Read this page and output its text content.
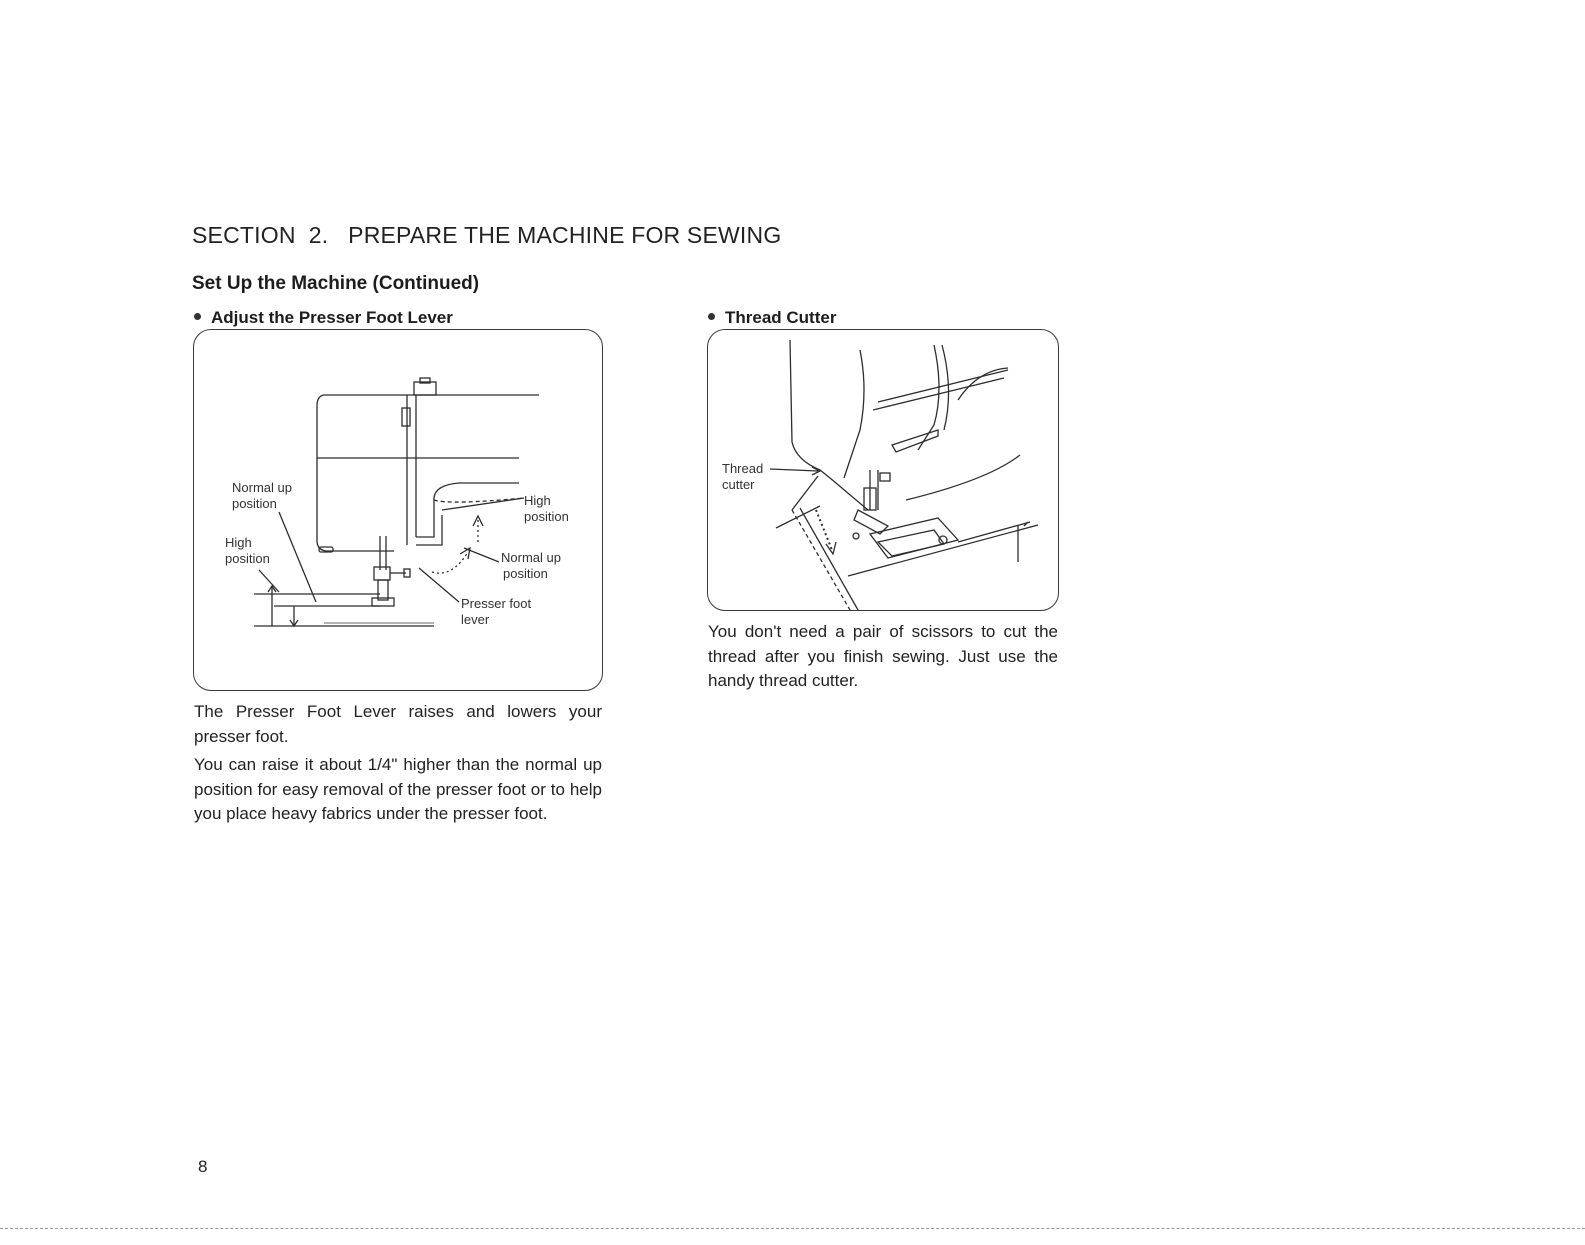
SECTION  2.   PREPARE THE MACHINE FOR SEWING
Set Up the Machine (Continued)
Adjust the Presser Foot Lever
Normal up
position
High
position
High
position
Normal up
position
Presser foot
lever

The Presser Foot Lever raises and lowers your presser foot.

You can raise it about 1/4" higher than the normal up position for easy removal of the presser foot or to help you place heavy fabrics under the presser foot.

Thread Cutter
Thread
cutter

You don't need a pair of scissors to cut the thread after you finish sewing. Just use the handy thread cutter.

8
